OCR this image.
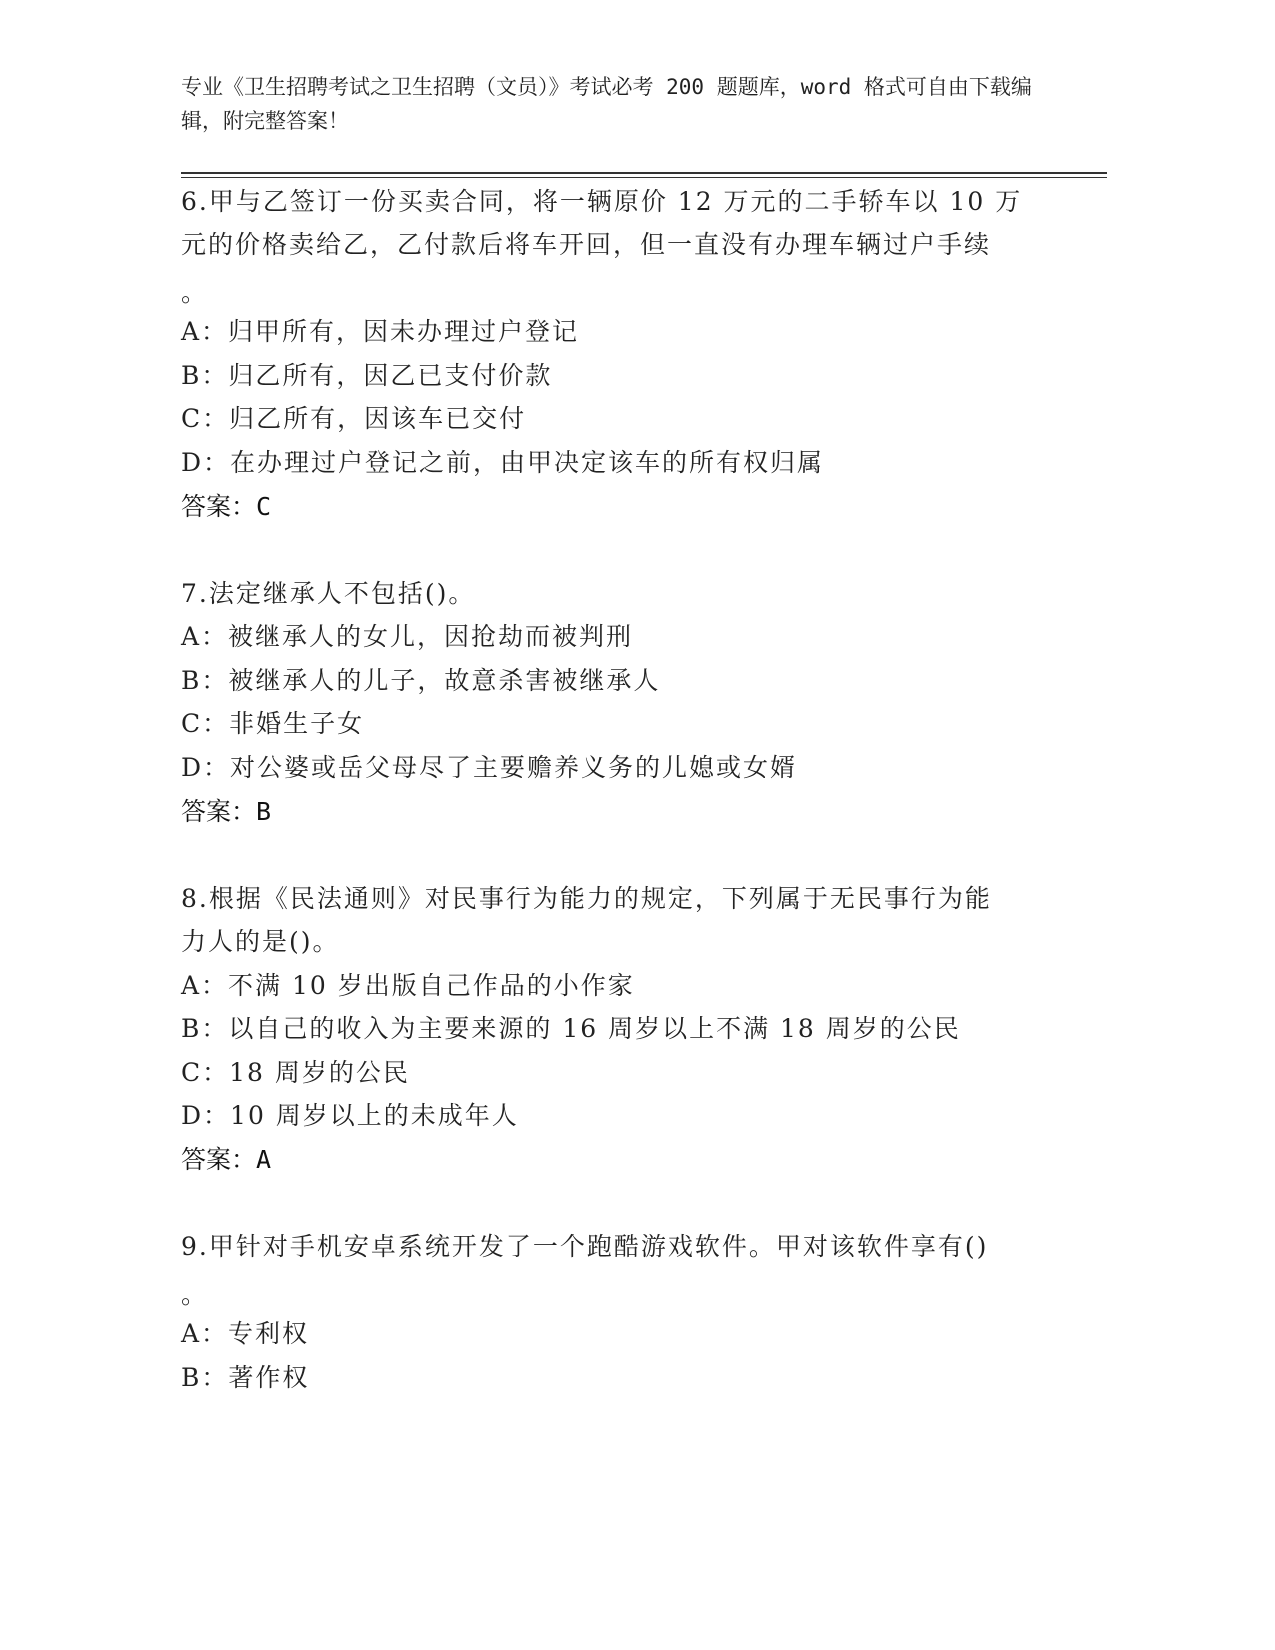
专业《卫生招聘考试之卫生招聘（文员）》考试必考 200 题题库，word 格式可自由下载编辑，附完整答案！
6.甲与乙签订一份买卖合同，将一辆原价 12 万元的二手轿车以 10 万
元的价格卖给乙，乙付款后将车开回，但一直没有办理车辆过户手续
。
A：归甲所有，因未办理过户登记
B：归乙所有，因乙已支付价款
C：归乙所有，因该车已交付
D：在办理过户登记之前，由甲决定该车的所有权归属
答案：C
7.法定继承人不包括()。
A：被继承人的女儿，因抢劫而被判刑
B：被继承人的儿子，故意杀害被继承人
C：非婚生子女
D：对公婆或岳父母尽了主要赡养义务的儿媳或女婿
答案：B
8.根据《民法通则》对民事行为能力的规定，下列属于无民事行为能
力人的是()。
A：不满 10 岁出版自己作品的小作家
B：以自己的收入为主要来源的 16 周岁以上不满 18 周岁的公民
C：18 周岁的公民
D：10 周岁以上的未成年人
答案：A
9.甲针对手机安卓系统开发了一个跑酷游戏软件。甲对该软件享有()
。
A：专利权
B：著作权
